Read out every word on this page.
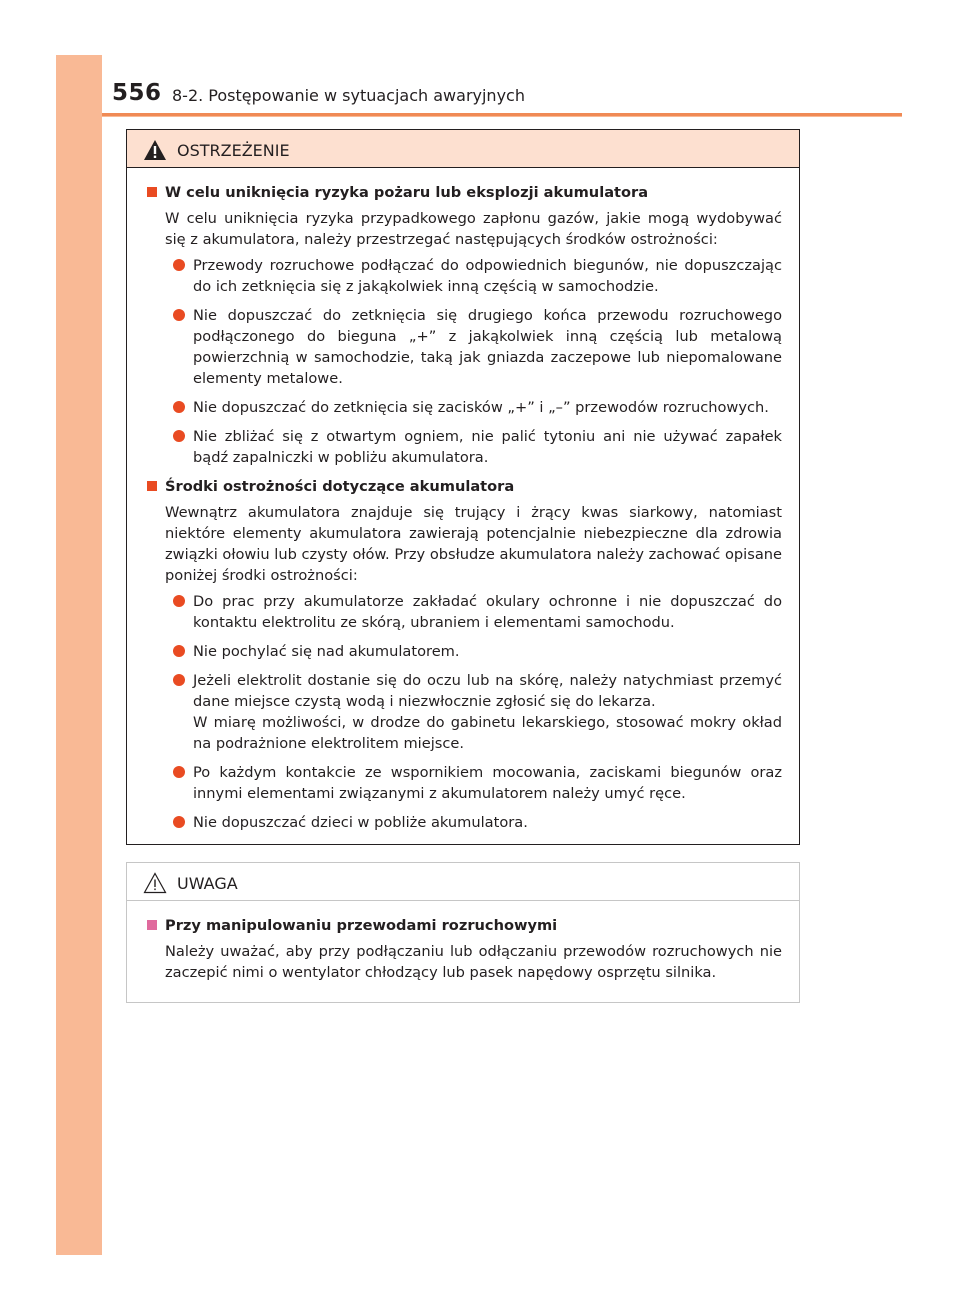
556 8-2. Postępowanie w sytuacjach awaryjnych
OSTRZEŻENIE
W celu uniknięcia ryzyka pożaru lub eksplozji akumulatora
W celu uniknięcia ryzyka przypadkowego zapłonu gazów, jakie mogą wydobywać się z akumulatora, należy przestrzegać następujących środków ostrożności:
Przewody rozruchowe podłączać do odpowiednich biegunów, nie dopuszczając do ich zetknięcia się z jakąkolwiek inną częścią w samochodzie.
Nie dopuszczać do zetknięcia się drugiego końca przewodu rozruchowego podłączonego do bieguna „+” z jakąkolwiek inną częścią lub metalową powierzchnią w samochodzie, taką jak gniazda zaczepowe lub niepomalowane elementy metalowe.
Nie dopuszczać do zetknięcia się zacisków „+” i „–” przewodów rozruchowych.
Nie zbliżać się z otwartym ogniem, nie palić tytoniu ani nie używać zapałek bądź zapalniczki w pobliżu akumulatora.
Środki ostrożności dotyczące akumulatora
Wewnątrz akumulatora znajduje się trujący i żrący kwas siarkowy, natomiast niektóre elementy akumulatora zawierają potencjalnie niebezpieczne dla zdrowia związki ołowiu lub czysty ołów. Przy obsłudze akumulatora należy zachować opisane poniżej środki ostrożności:
Do prac przy akumulatorze zakładać okulary ochronne i nie dopuszczać do kontaktu elektrolitu ze skórą, ubraniem i elementami samochodu.
Nie pochylać się nad akumulatorem.
Jeżeli elektrolit dostanie się do oczu lub na skórę, należy natychmiast przemyć dane miejsce czystą wodą i niezwłocznie zgłosić się do lekarza.
W miarę możliwości, w drodze do gabinetu lekarskiego, stosować mokry okład na podrażnione elektrolitem miejsce.
Po każdym kontakcie ze wspornikiem mocowania, zaciskami biegunów oraz innymi elementami związanymi z akumulatorem należy umyć ręce.
Nie dopuszczać dzieci w pobliże akumulatora.
UWAGA
Przy manipulowaniu przewodami rozruchowymi
Należy uważać, aby przy podłączaniu lub odłączaniu przewodów rozruchowych nie zaczepić nimi o wentylator chłodzący lub pasek napędowy osprzętu silnika.
